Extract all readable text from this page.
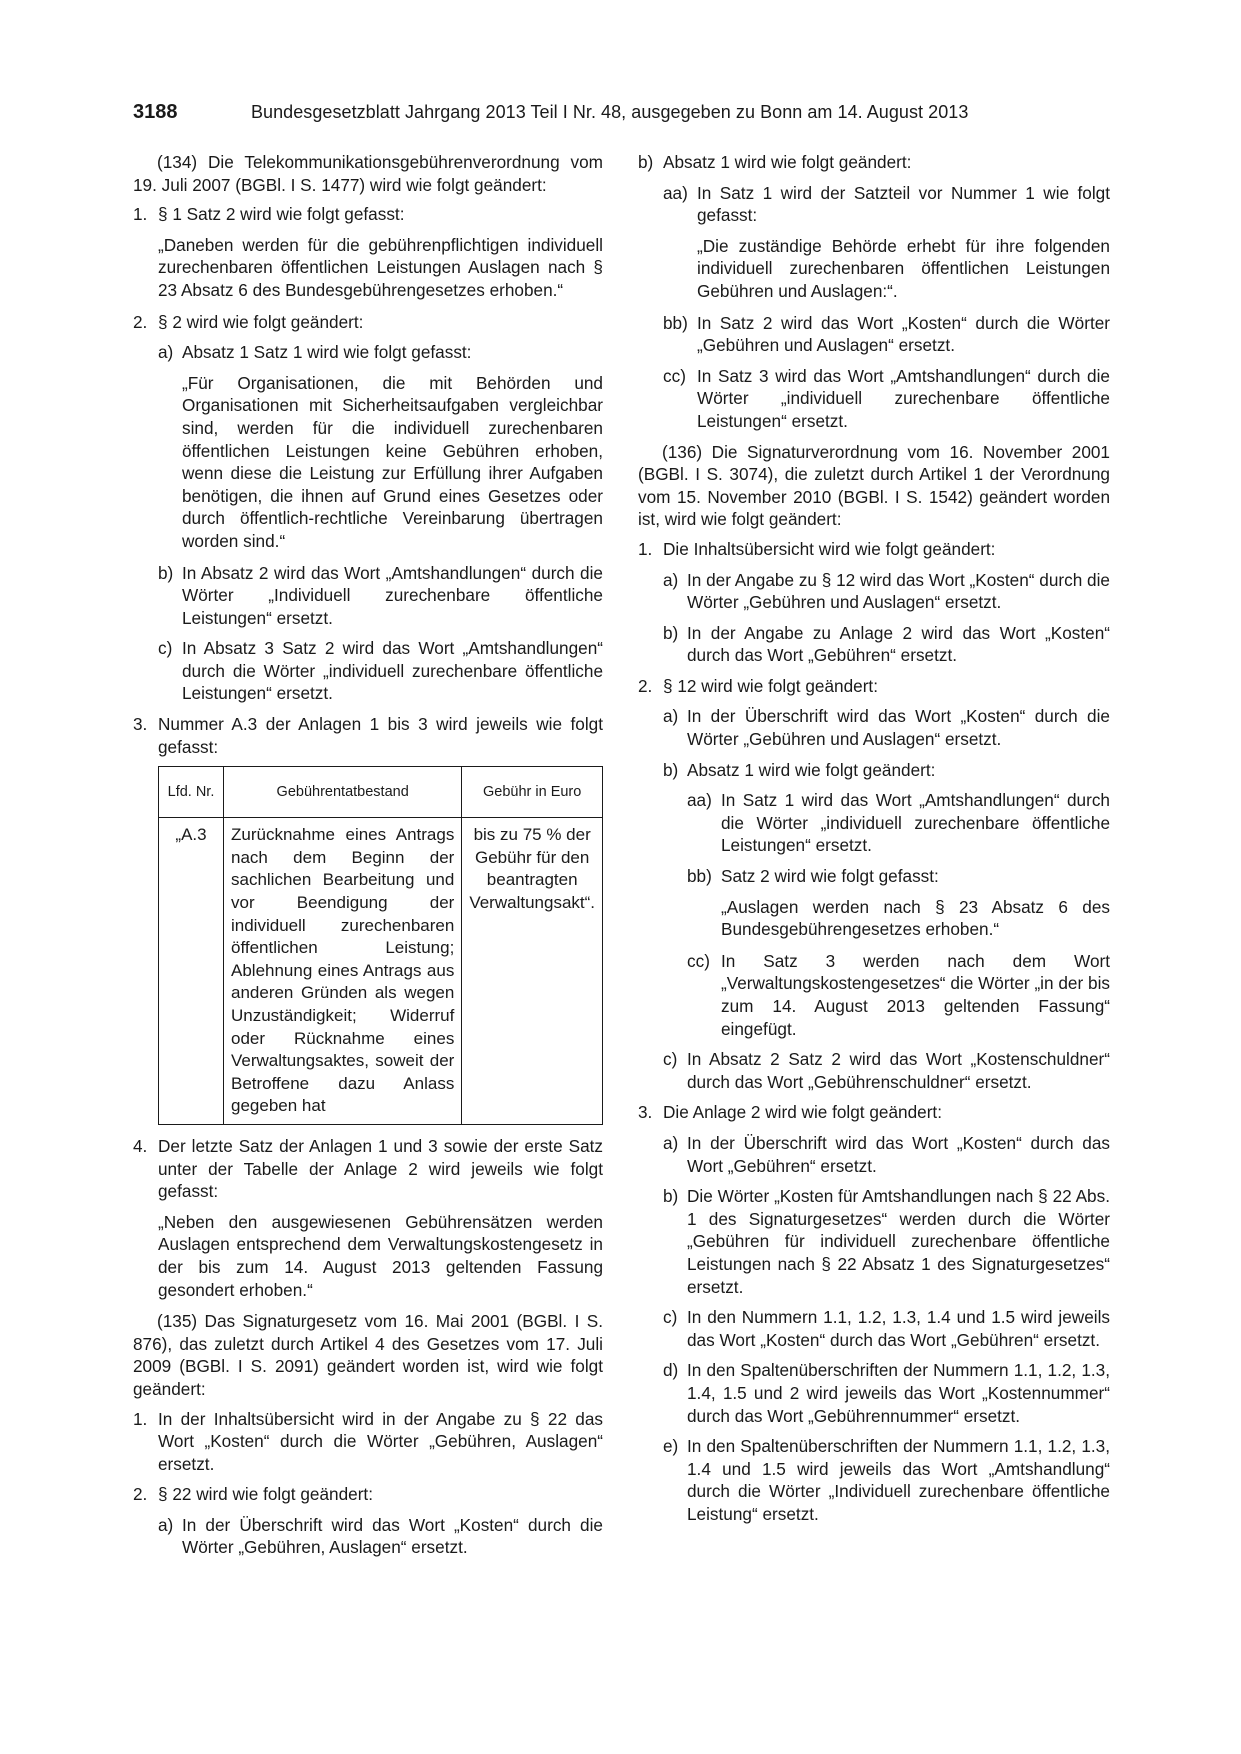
3188	Bundesgesetzblatt Jahrgang 2013 Teil I Nr. 48, ausgegeben zu Bonn am 14. August 2013

(134) Die Telekommunikationsgebührenverordnung vom 19. Juli 2007 (BGBl. I S. 1477) wird wie folgt geändert:

1. § 1 Satz 2 wird wie folgt gefasst:

„Daneben werden für die gebührenpflichtigen individuell zurechenbaren öffentlichen Leistungen Auslagen nach § 23 Absatz 6 des Bundesgebührengesetzes erhoben.“

2. § 2 wird wie folgt geändert:
a) Absatz 1 Satz 1 wird wie folgt gefasst:

„Für Organisationen, die mit Behörden und Organisationen mit Sicherheitsaufgaben vergleichbar sind, werden für die individuell zurechenbaren öffentlichen Leistungen keine Gebühren erhoben, wenn diese die Leistung zur Erfüllung ihrer Aufgaben benötigen, die ihnen auf Grund eines Gesetzes oder durch öffentlich-rechtliche Vereinbarung übertragen worden sind.“

b) In Absatz 2 wird das Wort „Amtshandlungen“ durch die Wörter „Individuell zurechenbare öffentliche Leistungen“ ersetzt.
c) In Absatz 3 Satz 2 wird das Wort „Amtshandlungen“ durch die Wörter „individuell zurechenbare öffentliche Leistungen“ ersetzt.
3. Nummer A.3 der Anlagen 1 bis 3 wird jeweils wie folgt gefasst:
Lfd. Nr.	Gebührentatbestand	Gebühr in Euro
„A.3	Zurücknahme eines Antrags nach dem Beginn der sachlichen Bearbeitung und vor Beendigung der individuell zurechenbaren öffentlichen Leistung; Ablehnung eines Antrags aus anderen Gründen als wegen Unzuständigkeit; Widerruf oder Rücknahme eines Verwaltungsaktes, soweit der Betroffene dazu Anlass gegeben hat	bis zu 75 % der Gebühr für den beantragten Verwaltungsakt“.
4. Der letzte Satz der Anlagen 1 und 3 sowie der erste Satz unter der Tabelle der Anlage 2 wird jeweils wie folgt gefasst:

„Neben den ausgewiesenen Gebührensätzen werden Auslagen entsprechend dem Verwaltungskostengesetz in der bis zum 14. August 2013 geltenden Fassung gesondert erhoben.“

(135) Das Signaturgesetz vom 16. Mai 2001 (BGBl. I S. 876), das zuletzt durch Artikel 4 des Gesetzes vom 17. Juli 2009 (BGBl. I S. 2091) geändert worden ist, wird wie folgt geändert:

1. In der Inhaltsübersicht wird in der Angabe zu § 22 das Wort „Kosten“ durch die Wörter „Gebühren, Auslagen“ ersetzt.
2. § 22 wird wie folgt geändert:
a) In der Überschrift wird das Wort „Kosten“ durch die Wörter „Gebühren, Auslagen“ ersetzt.
b) Absatz 1 wird wie folgt geändert:
aa) In Satz 1 wird der Satzteil vor Nummer 1 wie folgt gefasst:

„Die zuständige Behörde erhebt für ihre folgenden individuell zurechenbaren öffentlichen Leistungen Gebühren und Auslagen:“.

bb) In Satz 2 wird das Wort „Kosten“ durch die Wörter „Gebühren und Auslagen“ ersetzt.
cc) In Satz 3 wird das Wort „Amtshandlungen“ durch die Wörter „individuell zurechenbare öffentliche Leistungen“ ersetzt.

(136) Die Signaturverordnung vom 16. November 2001 (BGBl. I S. 3074), die zuletzt durch Artikel 1 der Verordnung vom 15. November 2010 (BGBl. I S. 1542) geändert worden ist, wird wie folgt geändert:

1. Die Inhaltsübersicht wird wie folgt geändert:
a) In der Angabe zu § 12 wird das Wort „Kosten“ durch die Wörter „Gebühren und Auslagen“ ersetzt.
b) In der Angabe zu Anlage 2 wird das Wort „Kosten“ durch das Wort „Gebühren“ ersetzt.
2. § 12 wird wie folgt geändert:
a) In der Überschrift wird das Wort „Kosten“ durch die Wörter „Gebühren und Auslagen“ ersetzt.
b) Absatz 1 wird wie folgt geändert:
aa) In Satz 1 wird das Wort „Amtshandlungen“ durch die Wörter „individuell zurechenbare öffentliche Leistungen“ ersetzt.
bb) Satz 2 wird wie folgt gefasst:

„Auslagen werden nach § 23 Absatz 6 des Bundesgebührengesetzes erhoben.“

cc) In Satz 3 werden nach dem Wort „Verwaltungskostengesetzes“ die Wörter „in der bis zum 14. August 2013 geltenden Fassung“ eingefügt.
c) In Absatz 2 Satz 2 wird das Wort „Kostenschuldner“ durch das Wort „Gebührenschuldner“ ersetzt.
3. Die Anlage 2 wird wie folgt geändert:
a) In der Überschrift wird das Wort „Kosten“ durch das Wort „Gebühren“ ersetzt.
b) Die Wörter „Kosten für Amtshandlungen nach § 22 Abs. 1 des Signaturgesetzes“ werden durch die Wörter „Gebühren für individuell zurechenbare öffentliche Leistungen nach § 22 Absatz 1 des Signaturgesetzes“ ersetzt.
c) In den Nummern 1.1, 1.2, 1.3, 1.4 und 1.5 wird jeweils das Wort „Kosten“ durch das Wort „Gebühren“ ersetzt.
d) In den Spaltenüberschriften der Nummern 1.1, 1.2, 1.3, 1.4, 1.5 und 2 wird jeweils das Wort „Kostennummer“ durch das Wort „Gebührennummer“ ersetzt.
e) In den Spaltenüberschriften der Nummern 1.1, 1.2, 1.3, 1.4 und 1.5 wird jeweils das Wort „Amtshandlung“ durch die Wörter „Individuell zurechenbare öffentliche Leistung“ ersetzt.
